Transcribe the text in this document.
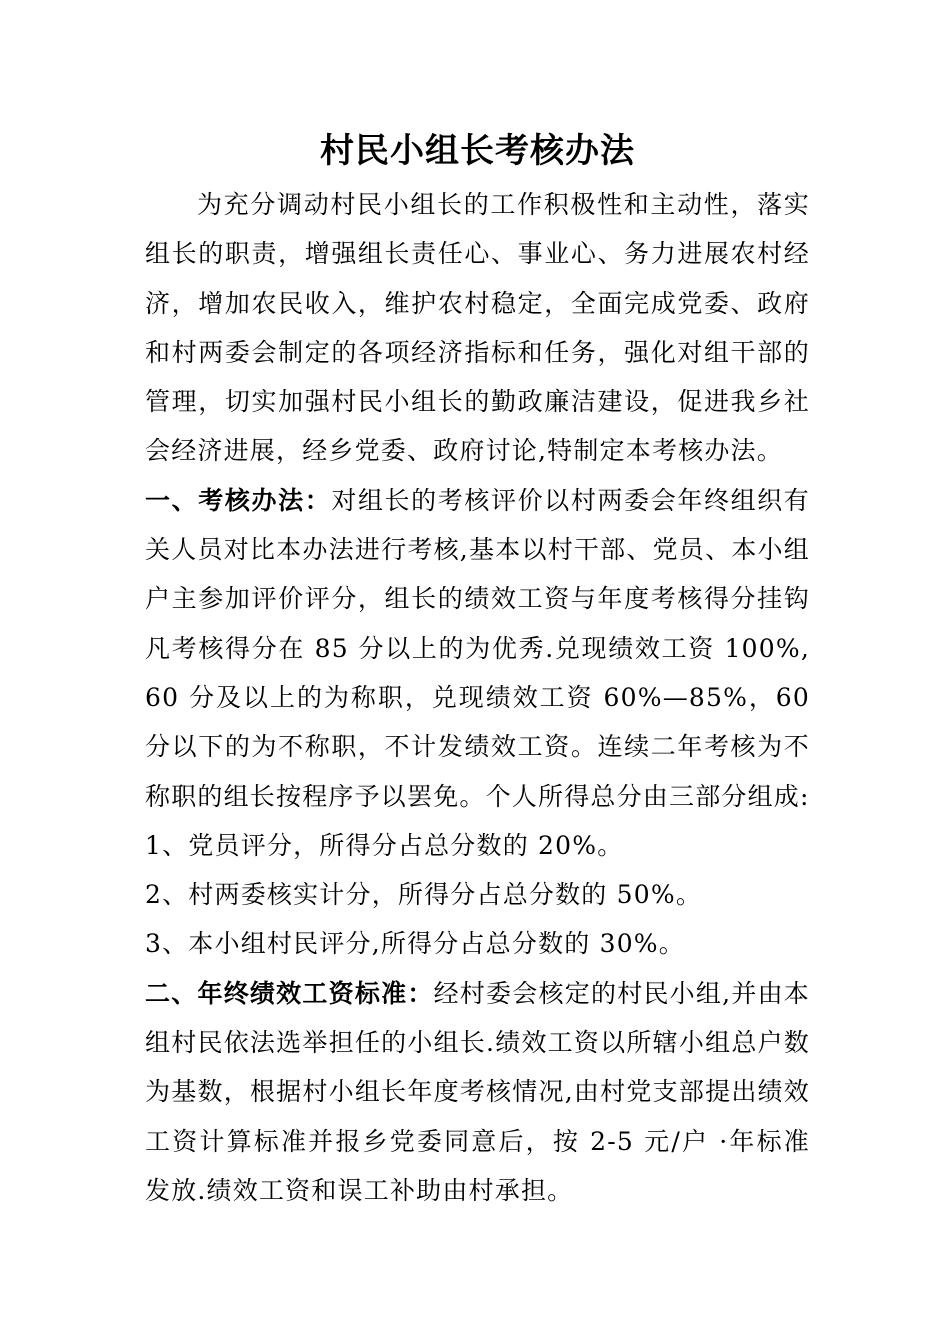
村民小组长考核办法

为充分调动村民小组长的工作积极性和主动性，落实组长的职责，增强组长责任心、事业心、务力进展农村经济，增加农民收入，维护农村稳定，全面完成党委、政府和村两委会制定的各项经济指标和任务，强化对组干部的管理，切实加强村民小组长的勤政廉洁建设，促进我乡社会经济进展，经乡党委、政府讨论,特制定本考核办法。

一、考核办法：对组长的考核评价以村两委会年终组织有关人员对比本办法进行考核,基本以村干部、党员、本小组户主参加评价评分，组长的绩效工资与年度考核得分挂钩凡考核得分在 85 分以上的为优秀.兑现绩效工资 100%,60 分及以上的为称职，兑现绩效工资 60%—85%，60 分以下的为不称职，不计发绩效工资。连续二年考核为不称职的组长按程序予以罢免。个人所得总分由三部分组成:

1、党员评分，所得分占总分数的 20%。

2、村两委核实计分，所得分占总分数的 50%。

3、本小组村民评分,所得分占总分数的 30%。

二、年终绩效工资标准：经村委会核定的村民小组,并由本组村民依法选举担任的小组长.绩效工资以所辖小组总户数为基数，根据村小组长年度考核情况,由村党支部提出绩效工资计算标准并报乡党委同意后，按 2-5 元/户 ·年标准发放.绩效工资和误工补助由村承担。
